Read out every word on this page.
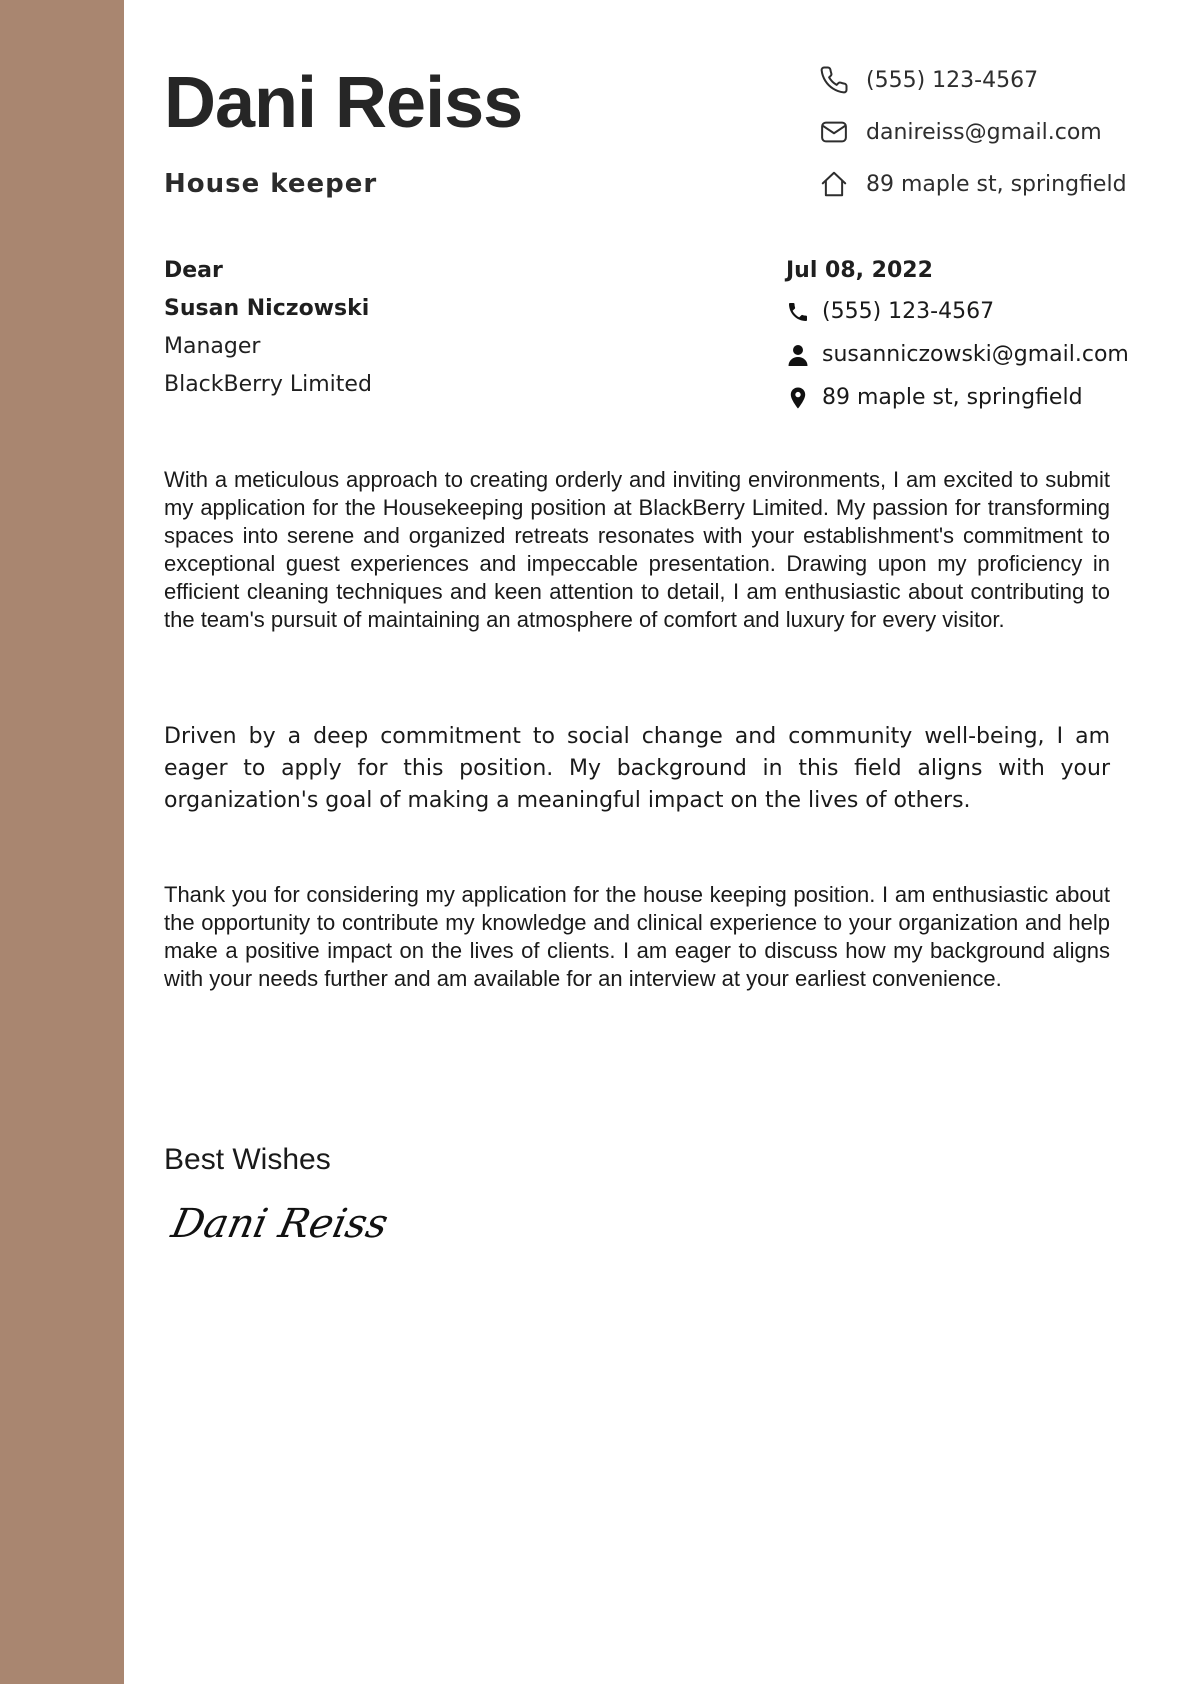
Dani Reiss
House keeper
(555) 123-4567
danireiss@gmail.com
89 maple st, springfield
Dear
Susan Niczowski
Manager
BlackBerry Limited
Jul 08, 2022
(555) 123-4567
susanniczowski@gmail.com
89 maple st, springfield

With a meticulous approach to creating orderly and inviting environments, I am excited to submit my application for the Housekeeping position at BlackBerry Limited. My passion for transforming spaces into serene and organized retreats resonates with your establishment's commitment to exceptional guest experiences and impeccable presentation. Drawing upon my proficiency in efficient cleaning techniques and keen attention to detail, I am enthusiastic about contributing to the team's pursuit of maintaining an atmosphere of comfort and luxury for every visitor.

Driven by a deep commitment to social change and community well-being, I am eager to apply for this position. My background in this field aligns with your organization's goal of making a meaningful impact on the lives of others.

Thank you for considering my application for the house keeping position. I am enthusiastic about the opportunity to contribute my knowledge and clinical experience to your organization and help make a positive impact on the lives of clients. I am eager to discuss how my background aligns with your needs further and am available for an interview at your earliest convenience.

Best Wishes
Dani Reiss
